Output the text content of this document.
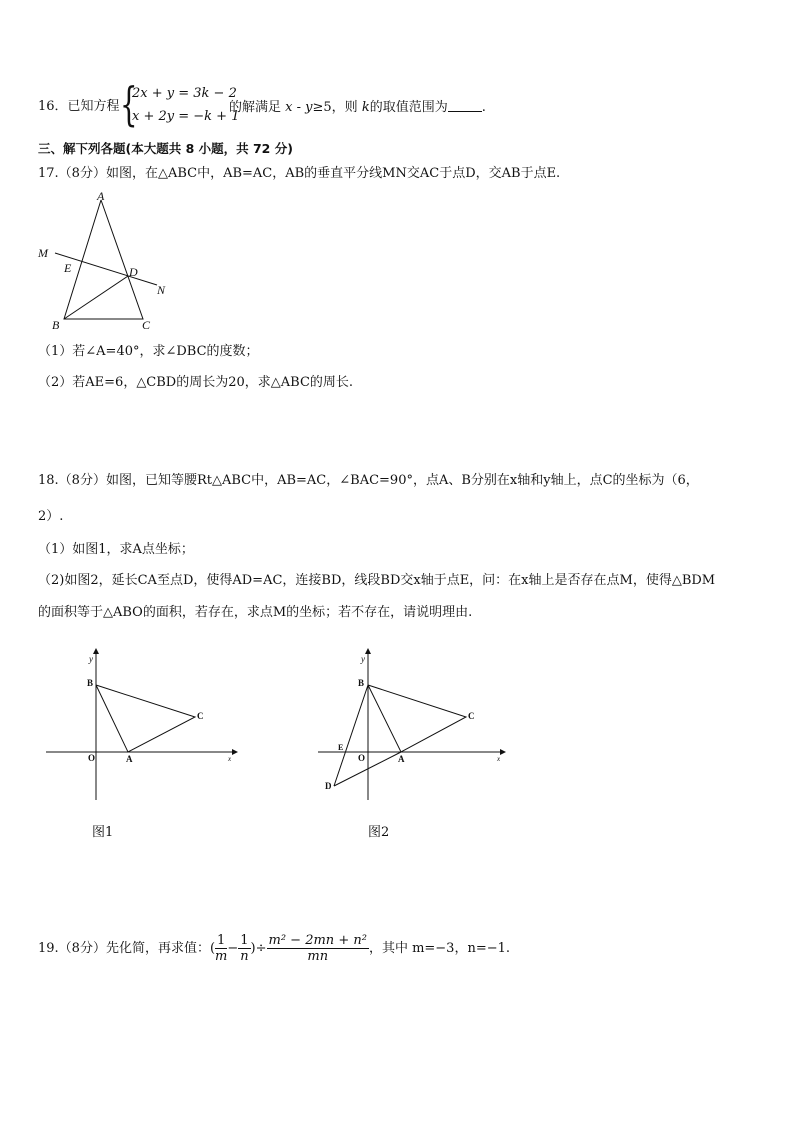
16．已知方程 {
2x + y = 3k − 2
x + 2y = −k + 1
的解满足 x - y≥5，则 k的取值范围为	.
三、解下列各题(本大题共 8 小题，共 72 分)
17.（8分）如图，在△ABC中，AB=AC，AB的垂直平分线MN交AC于点D，交AB于点E.
A
M
E	D
N
B	C
（1）若∠A=40°，求∠DBC的度数；
（2）若AE=6，△CBD的周长为20，求△ABC的周长.
18.（8分）如图，已知等腰Rt△ABC中，AB=AC，∠BAC=90°，点A、B分别在x轴和y轴上，点C的坐标为（6，
2）.
（1）如图1，求A点坐标；
（2)如图2，延长CA至点D，使得AD=AC，连接BD，线段BD交x轴于点E，问：在x轴上是否存在点M，使得△BDM
的面积等于△ABO的面积，若存在，求点M的坐标；若不存在，请说明理由.
y
x
B
C
O	A
图1
y
x
B
C
E
O	A
D
图2
19.（8分）先化简，再求值：( $\frac{1}{m} - \frac{1}{n}$ )÷ $\frac{\text{m² − 2mn + n²}}{mn}$ ，其中 m=−3，n=−1.
